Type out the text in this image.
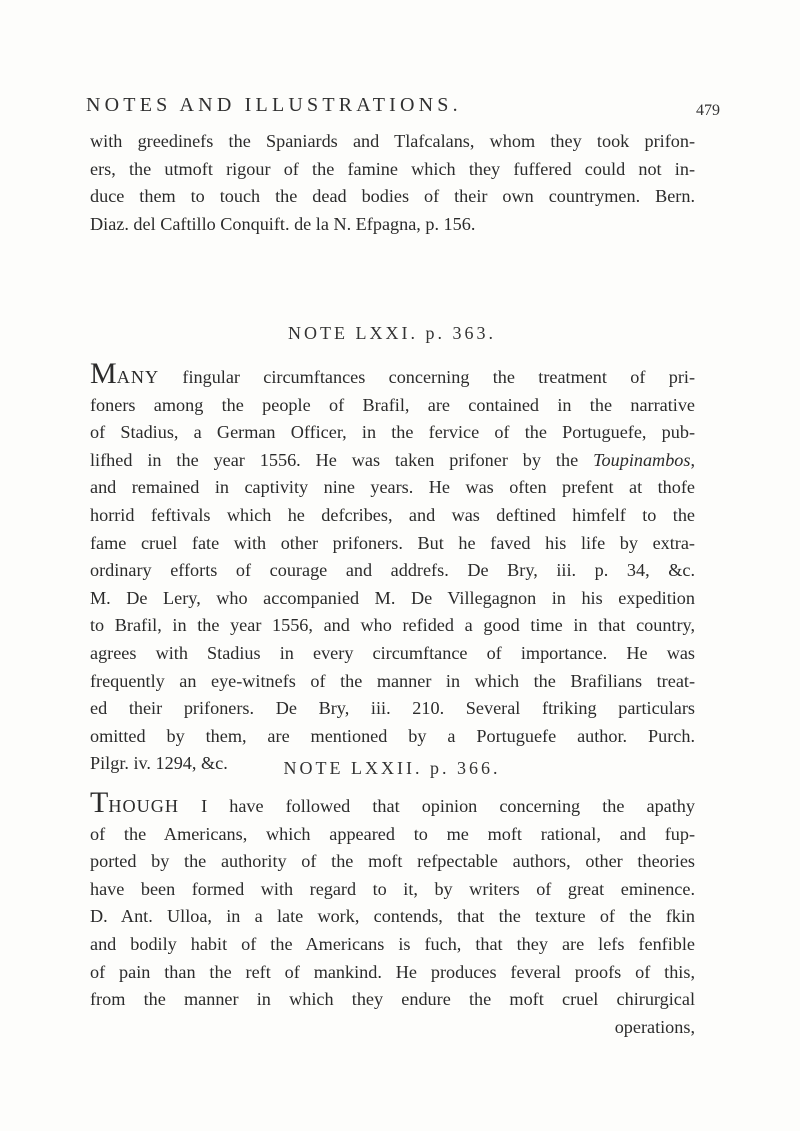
NOTES AND ILLUSTRATIONS.	479
with greedinefs the Spaniards and Tlafcalans, whom they took prifon-
ers, the utmoft rigour of the famine which they fuffered could not in-
duce them to touch the dead bodies of their own countrymen. Bern.
Diaz. del Caftillo Conquift. de la N. Efpagna, p. 156.
NOTE LXXI. p. 363.
MANY fingular circumftances concerning the treatment of pri-
foners among the people of Brafil, are contained in the narrative
of Stadius, a German Officer, in the fervice of the Portuguefe, pub-
lifhed in the year 1556. He was taken prifoner by the Toupinambos,
and remained in captivity nine years. He was often prefent at thofe
horrid feftivals which he defcribes, and was deftined himfelf to the
fame cruel fate with other prifoners. But he faved his life by extra-
ordinary efforts of courage and addrefs. De Bry, iii. p. 34, &c.
M. De Lery, who accompanied M. De Villegagnon in his expedition
to Brafil, in the year 1556, and who refided a good time in that country,
agrees with Stadius in every circumftance of importance. He was
frequently an eye-witnefs of the manner in which the Brafilians treat-
ed their prifoners. De Bry, iii. 210. Several ftriking particulars
omitted by them, are mentioned by a Portuguefe author. Purch.
Pilgr. iv. 1294, &c.	NOTE LXXII. p. 366.
THOUGH I have followed that opinion concerning the apathy
of the Americans, which appeared to me moft rational, and fup-
ported by the authority of the moft refpectable authors, other theories
have been formed with regard to it, by writers of great eminence.
D. Ant. Ulloa, in a late work, contends, that the texture of the fkin
and bodily habit of the Americans is fuch, that they are lefs fenfible
of pain than the reft of mankind. He produces feveral proofs of this,
from the manner in which they endure the moft cruel chirurgical
operations,
